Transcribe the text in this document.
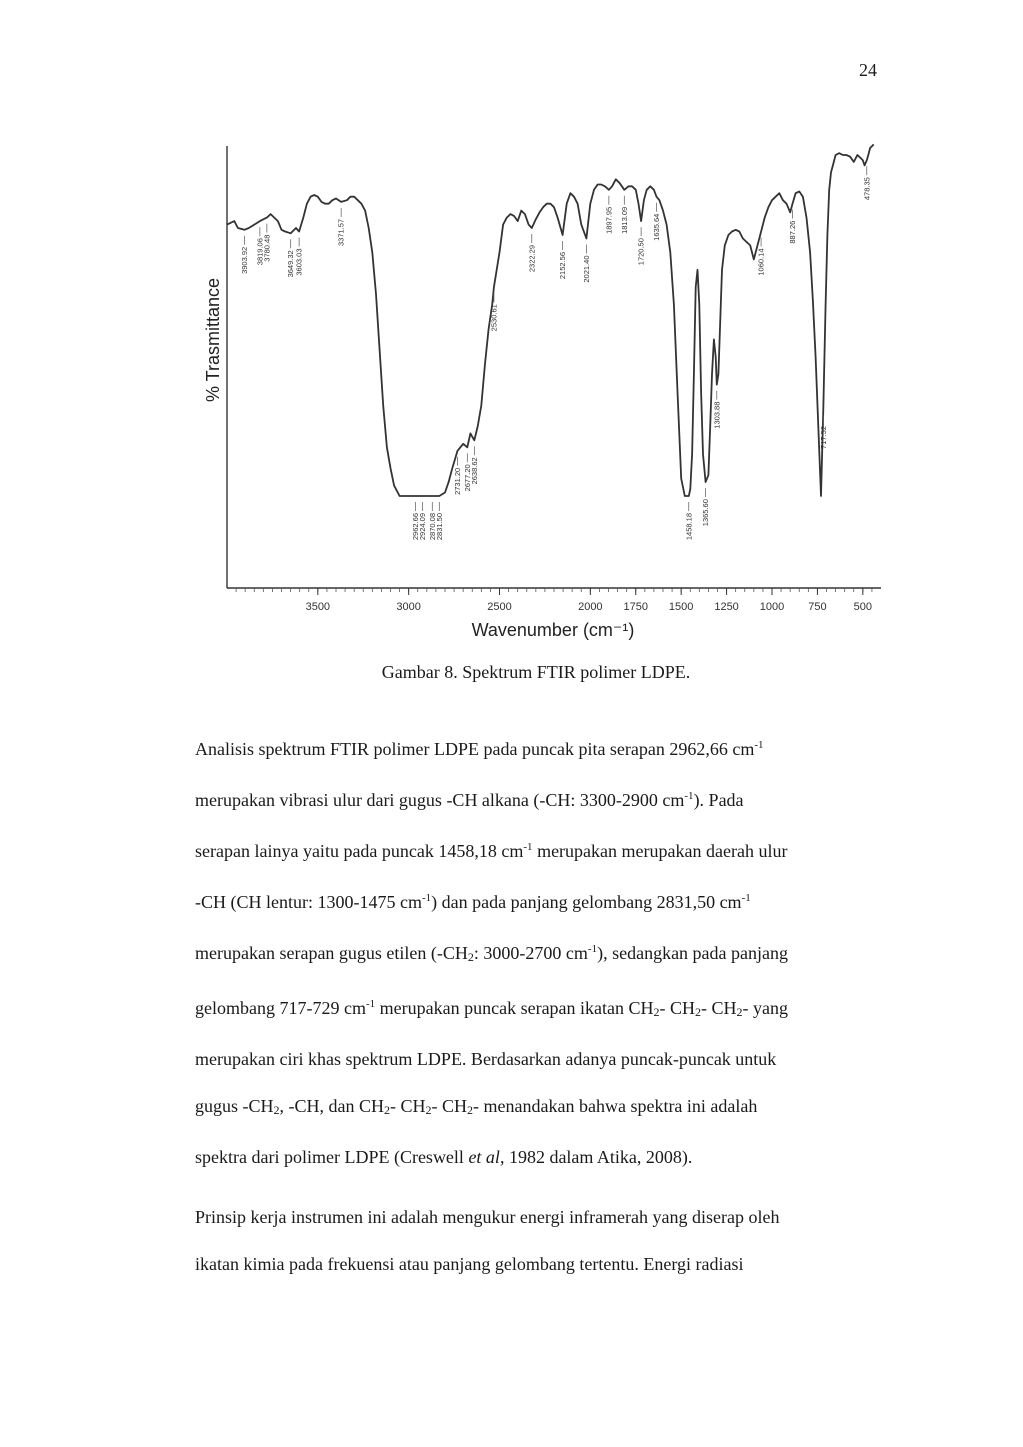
24
3500	3000	2500	2000 1750 1500 1250 1000 750 500
3903.92 3819.06
3780.48
3649.32 3603.03
3371.57
2962.66
2924.09 2870.08
2831.50
2731.20 2677.20
2638.62
2530.61
2322.29	2152.56 2021.40
1897.95 1813.09
1720.50
1635.64
1458.18
1365.60
1303.88
1060.14
887.26
717.52
478.35
Wavenumber (cm⁻¹)
% Trasmittance
Gambar 8. Spektrum FTIR polimer LDPE.

Analisis spektrum FTIR polimer LDPE pada puncak pita serapan 2962,66 $cm^{-1}$
merupakan vibrasi ulur dari gugus -CH alkana (-CH: 3300-2900 $cm^{-1}$). Pada
serapan lainya yaitu pada puncak 1458,18 $cm^{-1}$ merupakan merupakan daerah ulur
-CH (CH lentur: 1300-1475 $cm^{-1}$) dan pada panjang gelombang 2831,50 $cm^{-1}$
merupakan serapan gugus etilen (-CH2: 3000-2700 $cm^{-1}$), sedangkan pada panjang
gelombang 717-729 $cm^{-1}$ merupakan puncak serapan ikatan CH2- CH2- CH2- yang
merupakan ciri khas spektrum LDPE. Berdasarkan adanya puncak-puncak untuk
gugus -CH2, -CH, dan CH2- CH2- CH2- menandakan bahwa spektra ini adalah
spektra dari polimer LDPE (Creswell et al, 1982 dalam Atika, 2008).

Prinsip kerja instrumen ini adalah mengukur energi inframerah yang diserap oleh
ikatan kimia pada frekuensi atau panjang gelombang tertentu. Energi radiasi
